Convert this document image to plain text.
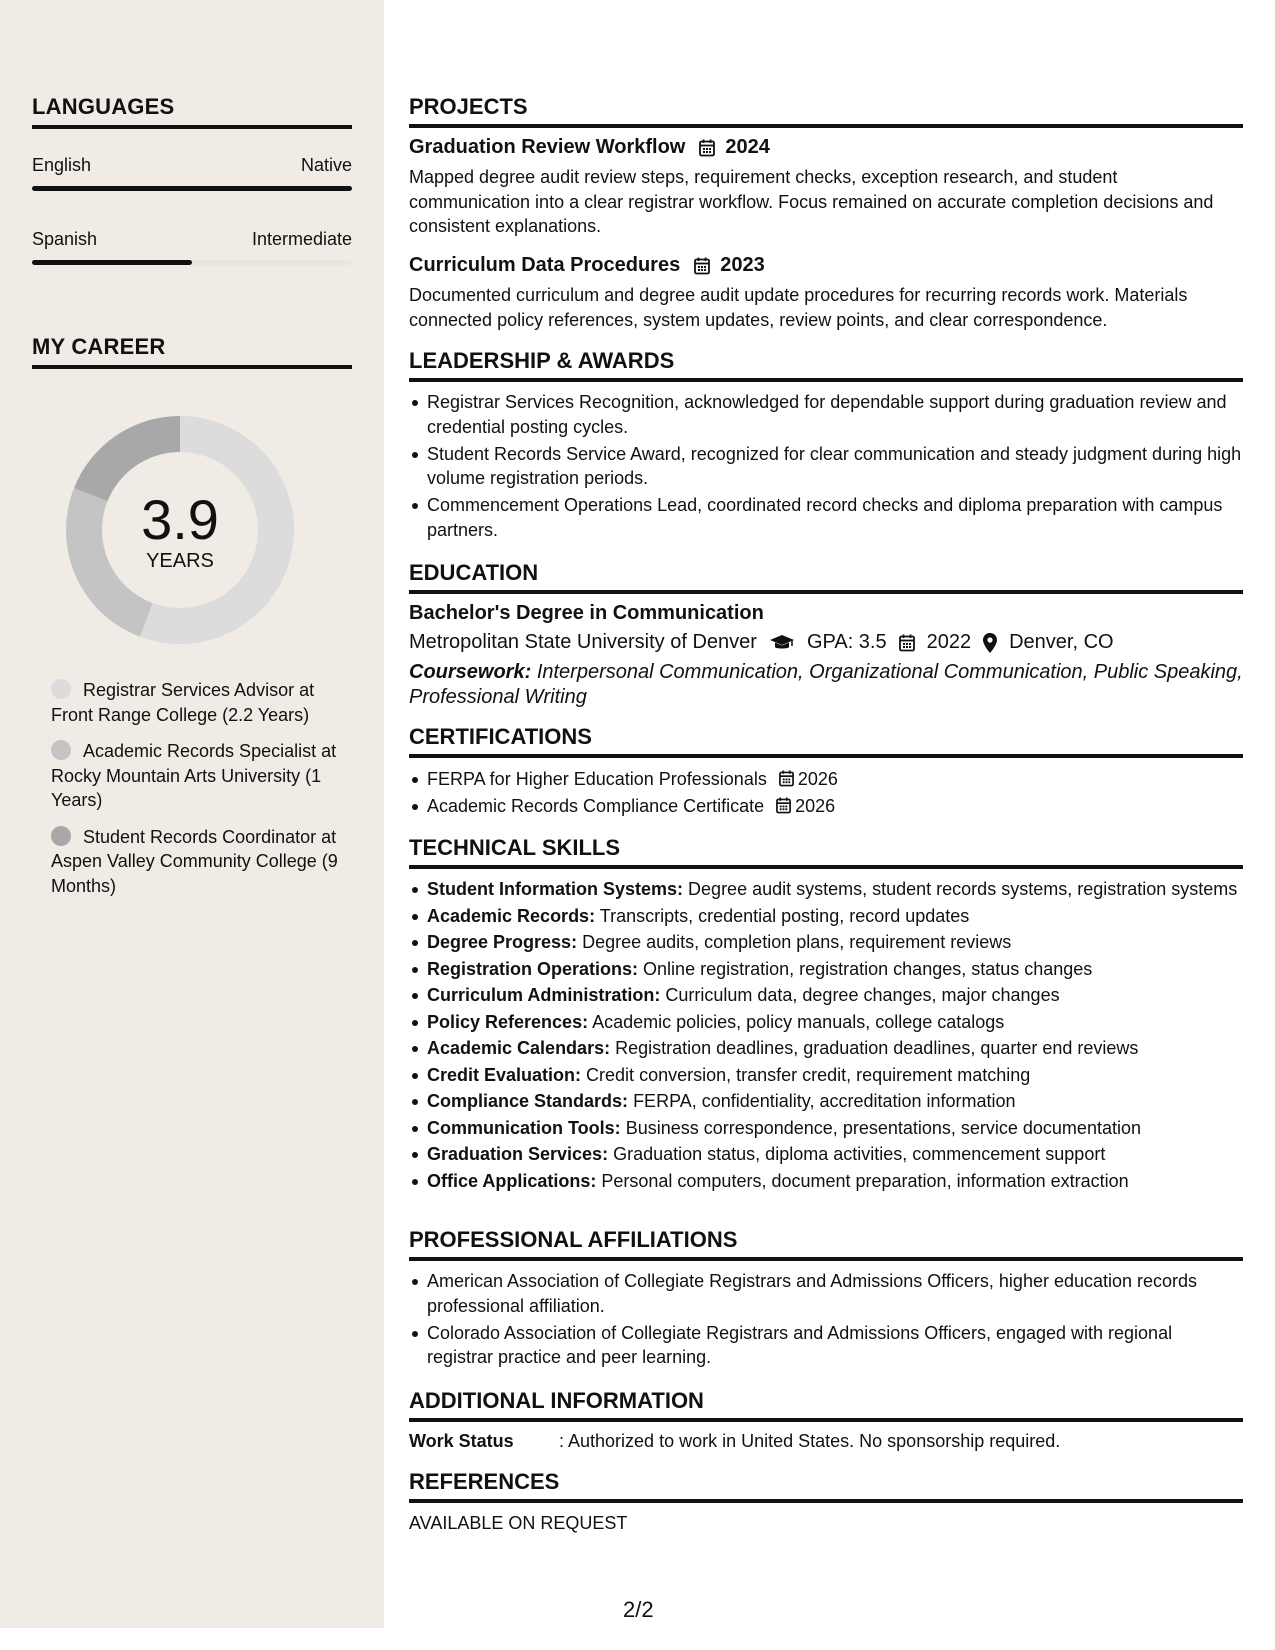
LANGUAGES
English	Native
Spanish	Intermediate
MY CAREER
3.9
YEARS
Registrar Services Advisor at Front Range College (2.2 Years)
Academic Records Specialist at Rocky Mountain Arts University (1 Years)
Student Records Coordinator at Aspen Valley Community College (9 Months)
PROJECTS
Graduation Review Workflow 2024
Mapped degree audit review steps, requirement checks, exception research, and student communication into a clear registrar workflow. Focus remained on accurate completion decisions and consistent explanations.
Curriculum Data Procedures 2023
Documented curriculum and degree audit update procedures for recurring records work. Materials connected policy references, system updates, review points, and clear correspondence.
LEADERSHIP & AWARDS
Registrar Services Recognition, acknowledged for dependable support during graduation review and credential posting cycles.
Student Records Service Award, recognized for clear communication and steady judgment during high volume registration periods.
Commencement Operations Lead, coordinated record checks and diploma preparation with campus partners.
EDUCATION
Bachelor's Degree in Communication
Metropolitan State University of Denver	GPA: 3.5 2022 Denver, CO
Coursework: Interpersonal Communication, Organizational Communication, Public Speaking, Professional Writing
CERTIFICATIONS
FERPA for Higher Education Professionals 2026
Academic Records Compliance Certificate 2026
TECHNICAL SKILLS
Student Information Systems: Degree audit systems, student records systems, registration systems
Academic Records: Transcripts, credential posting, record updates
Degree Progress: Degree audits, completion plans, requirement reviews
Registration Operations: Online registration, registration changes, status changes
Curriculum Administration: Curriculum data, degree changes, major changes
Policy References: Academic policies, policy manuals, college catalogs
Academic Calendars: Registration deadlines, graduation deadlines, quarter end reviews
Credit Evaluation: Credit conversion, transfer credit, requirement matching
Compliance Standards: FERPA, confidentiality, accreditation information
Communication Tools: Business correspondence, presentations, service documentation
Graduation Services: Graduation status, diploma activities, commencement support
Office Applications: Personal computers, document preparation, information extraction
PROFESSIONAL AFFILIATIONS
American Association of Collegiate Registrars and Admissions Officers, higher education records professional affiliation.
Colorado Association of Collegiate Registrars and Admissions Officers, engaged with regional registrar practice and peer learning.
ADDITIONAL INFORMATION
Work Status	: Authorized to work in United States. No sponsorship required.
REFERENCES
AVAILABLE ON REQUEST
2/2
